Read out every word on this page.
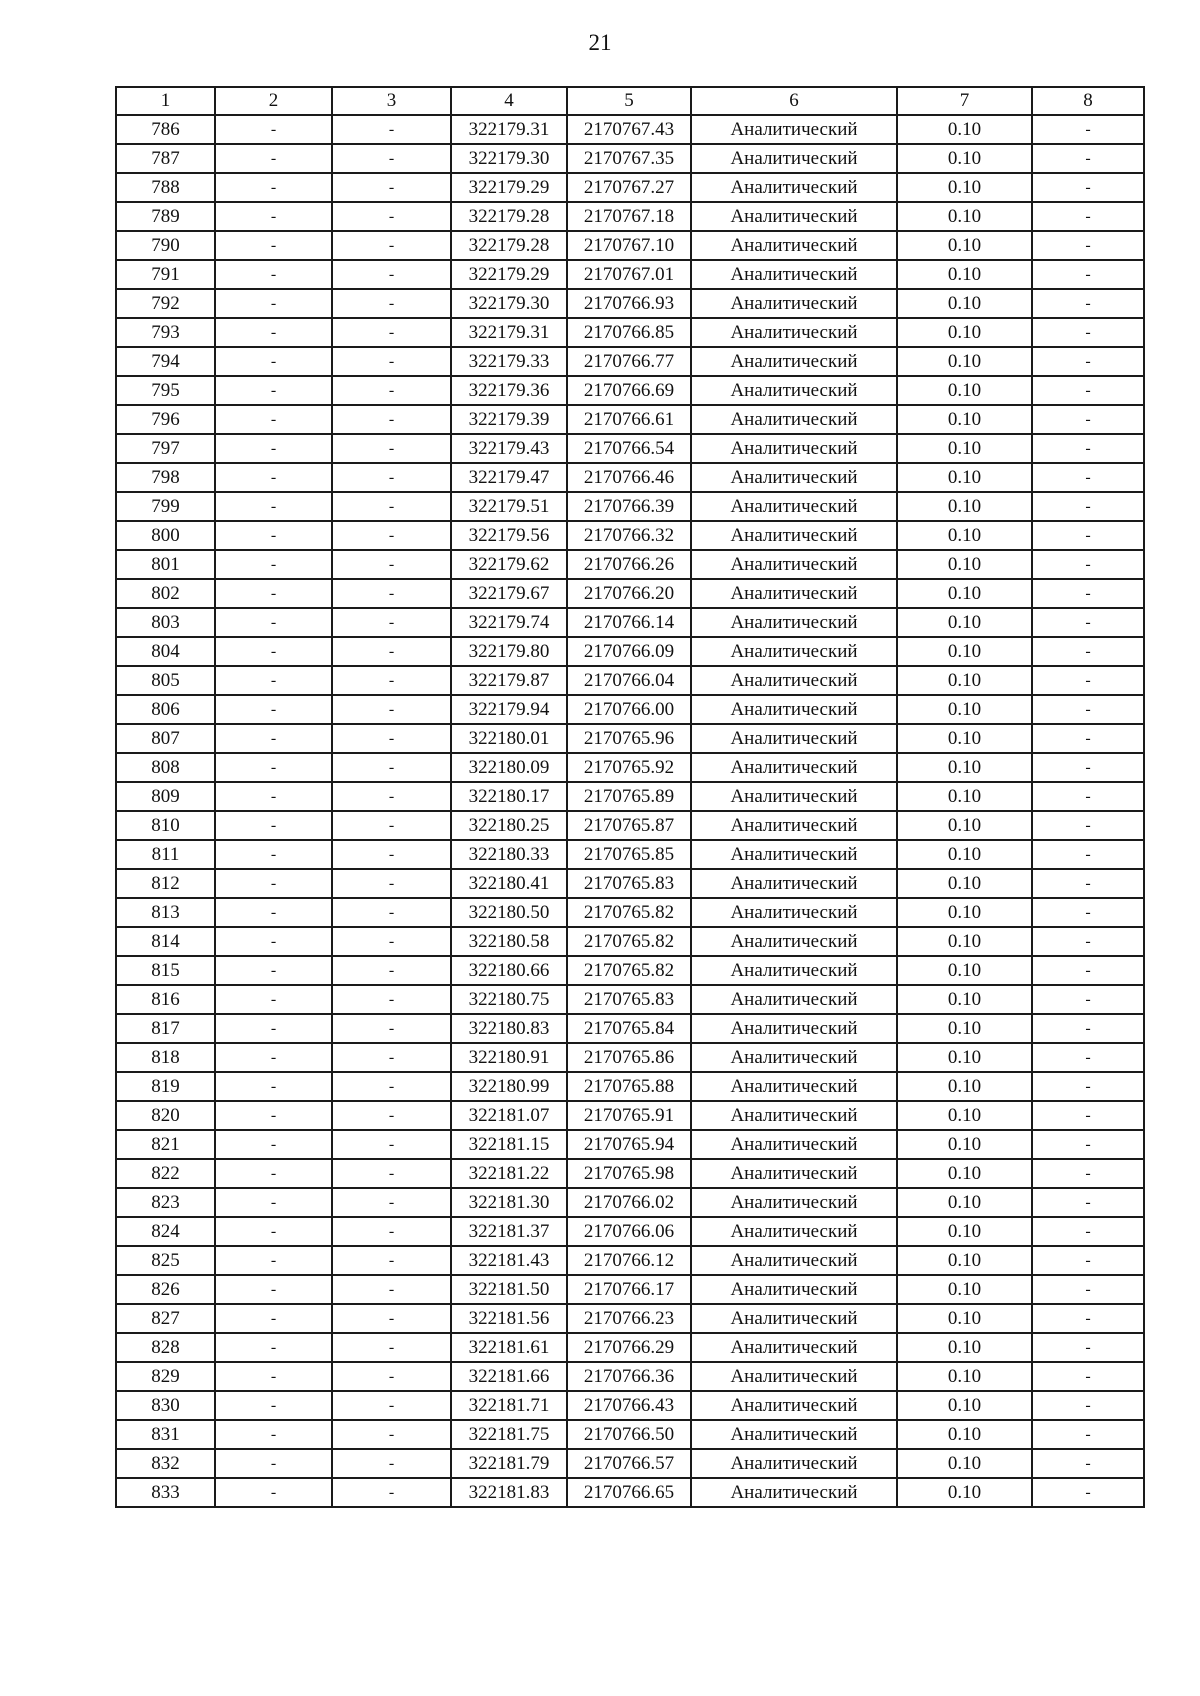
21
1	2	3	4	5	6	7	8
786	-	-	322179.31	2170767.43	Аналитический	0.10	-
787	-	-	322179.30	2170767.35	Аналитический	0.10	-
788	-	-	322179.29	2170767.27	Аналитический	0.10	-
789	-	-	322179.28	2170767.18	Аналитический	0.10	-
790	-	-	322179.28	2170767.10	Аналитический	0.10	-
791	-	-	322179.29	2170767.01	Аналитический	0.10	-
792	-	-	322179.30	2170766.93	Аналитический	0.10	-
793	-	-	322179.31	2170766.85	Аналитический	0.10	-
794	-	-	322179.33	2170766.77	Аналитический	0.10	-
795	-	-	322179.36	2170766.69	Аналитический	0.10	-
796	-	-	322179.39	2170766.61	Аналитический	0.10	-
797	-	-	322179.43	2170766.54	Аналитический	0.10	-
798	-	-	322179.47	2170766.46	Аналитический	0.10	-
799	-	-	322179.51	2170766.39	Аналитический	0.10	-
800	-	-	322179.56	2170766.32	Аналитический	0.10	-
801	-	-	322179.62	2170766.26	Аналитический	0.10	-
802	-	-	322179.67	2170766.20	Аналитический	0.10	-
803	-	-	322179.74	2170766.14	Аналитический	0.10	-
804	-	-	322179.80	2170766.09	Аналитический	0.10	-
805	-	-	322179.87	2170766.04	Аналитический	0.10	-
806	-	-	322179.94	2170766.00	Аналитический	0.10	-
807	-	-	322180.01	2170765.96	Аналитический	0.10	-
808	-	-	322180.09	2170765.92	Аналитический	0.10	-
809	-	-	322180.17	2170765.89	Аналитический	0.10	-
810	-	-	322180.25	2170765.87	Аналитический	0.10	-
811	-	-	322180.33	2170765.85	Аналитический	0.10	-
812	-	-	322180.41	2170765.83	Аналитический	0.10	-
813	-	-	322180.50	2170765.82	Аналитический	0.10	-
814	-	-	322180.58	2170765.82	Аналитический	0.10	-
815	-	-	322180.66	2170765.82	Аналитический	0.10	-
816	-	-	322180.75	2170765.83	Аналитический	0.10	-
817	-	-	322180.83	2170765.84	Аналитический	0.10	-
818	-	-	322180.91	2170765.86	Аналитический	0.10	-
819	-	-	322180.99	2170765.88	Аналитический	0.10	-
820	-	-	322181.07	2170765.91	Аналитический	0.10	-
821	-	-	322181.15	2170765.94	Аналитический	0.10	-
822	-	-	322181.22	2170765.98	Аналитический	0.10	-
823	-	-	322181.30	2170766.02	Аналитический	0.10	-
824	-	-	322181.37	2170766.06	Аналитический	0.10	-
825	-	-	322181.43	2170766.12	Аналитический	0.10	-
826	-	-	322181.50	2170766.17	Аналитический	0.10	-
827	-	-	322181.56	2170766.23	Аналитический	0.10	-
828	-	-	322181.61	2170766.29	Аналитический	0.10	-
829	-	-	322181.66	2170766.36	Аналитический	0.10	-
830	-	-	322181.71	2170766.43	Аналитический	0.10	-
831	-	-	322181.75	2170766.50	Аналитический	0.10	-
832	-	-	322181.79	2170766.57	Аналитический	0.10	-
833	-	-	322181.83	2170766.65	Аналитический	0.10	-
